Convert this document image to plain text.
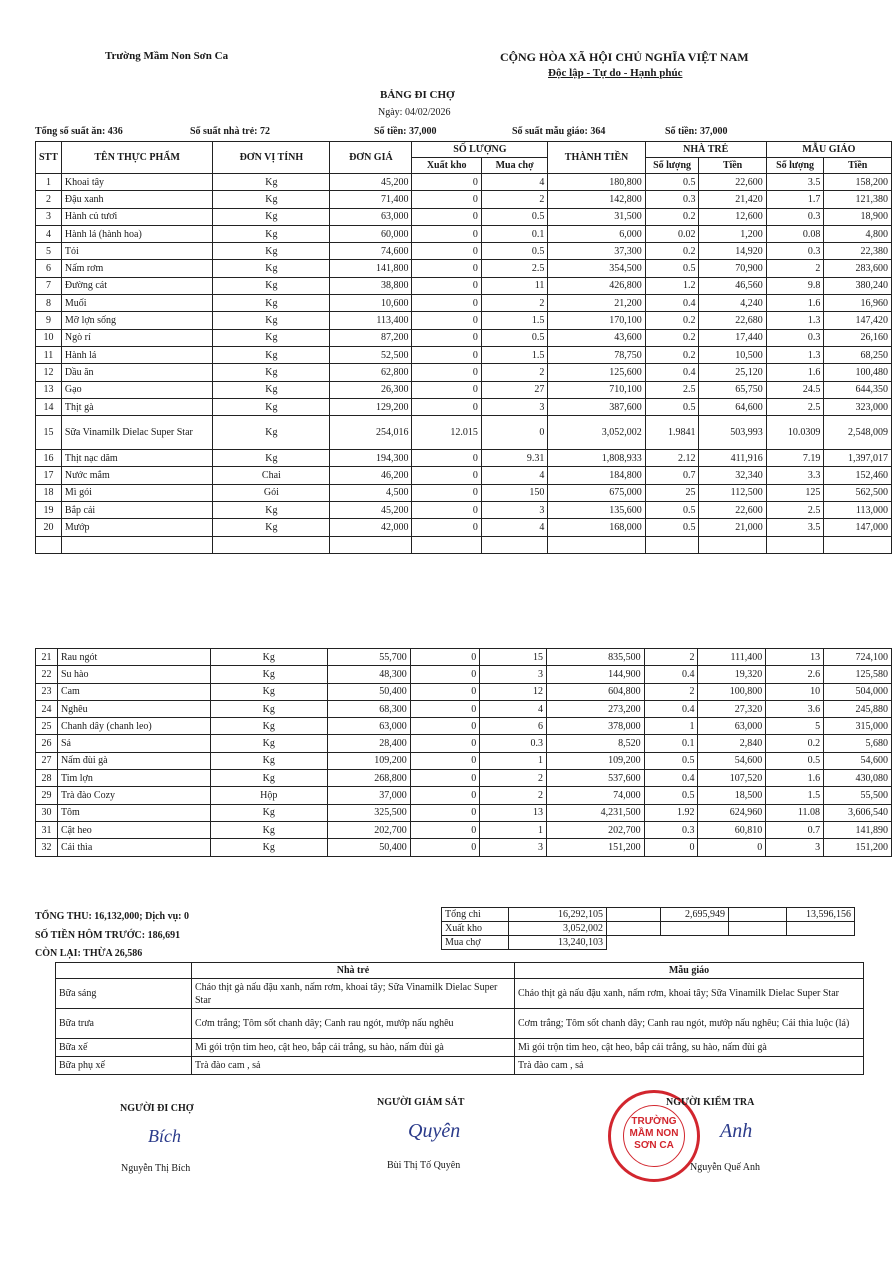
Trường Mầm Non Sơn Ca	CỘNG HÒA XÃ HỘI CHỦ NGHĨA VIỆT NAM
Độc lập - Tự do - Hạnh phúc
BẢNG ĐI CHỢ
Ngày: 04/02/2026
Tổng số suất ăn: 436	Số suất nhà trẻ: 72	Số tiền: 37,000	Số suất mẫu giáo: 364	Số tiền: 37,000
STT	TÊN THỰC PHẨM	ĐƠN VỊ TÍNH	ĐƠN GIÁ	SỐ LƯỢNG		THÀNH TIỀN	NHÀ TRẺ		MẪU GIÁO	
				Xuất kho	Mua chợ		Số lượng	Tiền	Số lượng	Tiền
1	Khoai tây	Kg	45,200	0	4	180,800	0.5	22,600	3.5	158,200
2	Đậu xanh	Kg	71,400	0	2	142,800	0.3	21,420	1.7	121,380
3	Hành củ tươi	Kg	63,000	0	0.5	31,500	0.2	12,600	0.3	18,900
4	Hành lá (hành hoa)	Kg	60,000	0	0.1	6,000	0.02	1,200	0.08	4,800
5	Tỏi	Kg	74,600	0	0.5	37,300	0.2	14,920	0.3	22,380
6	Nấm rơm	Kg	141,800	0	2.5	354,500	0.5	70,900	2	283,600
7	Đường cát	Kg	38,800	0	11	426,800	1.2	46,560	9.8	380,240
8	Muối	Kg	10,600	0	2	21,200	0.4	4,240	1.6	16,960
9	Mỡ lợn sống	Kg	113,400	0	1.5	170,100	0.2	22,680	1.3	147,420
10	Ngò rí	Kg	87,200	0	0.5	43,600	0.2	17,440	0.3	26,160
11	Hành lá	Kg	52,500	0	1.5	78,750	0.2	10,500	1.3	68,250
12	Dầu ăn	Kg	62,800	0	2	125,600	0.4	25,120	1.6	100,480
13	Gạo	Kg	26,300	0	27	710,100	2.5	65,750	24.5	644,350
14	Thịt gà	Kg	129,200	0	3	387,600	0.5	64,600	2.5	323,000
15	Sữa Vinamilk Dielac Super Star	Kg	254,016	12.015	0	3,052,002	1.9841	503,993	10.0309	2,548,009
16	Thịt nạc dăm	Kg	194,300	0	9.31	1,808,933	2.12	411,916	7.19	1,397,017
17	Nước mắm	Chai	46,200	0	4	184,800	0.7	32,340	3.3	152,460
18	Mì gói	Gói	4,500	0	150	675,000	25	112,500	125	562,500
19	Bắp cải	Kg	45,200	0	3	135,600	0.5	22,600	2.5	113,000
20	Mướp	Kg	42,000	0	4	168,000	0.5	21,000	3.5	147,000

21	Rau ngót	Kg	55,700	0	15	835,500	2	111,400	13	724,100
22	Su hào	Kg	48,300	0	3	144,900	0.4	19,320	2.6	125,580
23	Cam	Kg	50,400	0	12	604,800	2	100,800	10	504,000
24	Nghêu	Kg	68,300	0	4	273,200	0.4	27,320	3.6	245,880
25	Chanh dây (chanh leo)	Kg	63,000	0	6	378,000	1	63,000	5	315,000
26	Sả	Kg	28,400	0	0.3	8,520	0.1	2,840	0.2	5,680
27	Nấm đùi gà	Kg	109,200	0	1	109,200	0.5	54,600	0.5	54,600
28	Tim lợn	Kg	268,800	0	2	537,600	0.4	107,520	1.6	430,080
29	Trà đào Cozy	Hộp	37,000	0	2	74,000	0.5	18,500	1.5	55,500
30	Tôm	Kg	325,500	0	13	4,231,500	1.92	624,960	11.08	3,606,540
31	Cật heo	Kg	202,700	0	1	202,700	0.3	60,810	0.7	141,890
32	Cải thìa	Kg	50,400	0	3	151,200	0	0	3	151,200
TỔNG THU: 16,132,000; Dịch vụ: 0
SỐ TIỀN HÔM TRƯỚC: 186,691
CÒN LẠI: THỪA 26,586
Tổng chi	16,292,105		2,695,949		13,596,156
Xuất kho	3,052,002				
Mua chợ	13,240,103				
	Nhà trẻ	Mẫu giáo
Bữa sáng	Cháo thịt gà nấu đậu xanh, nấm rơm, khoai tây; Sữa Vinamilk Dielac Super Star	Cháo thịt gà nấu đậu xanh, nấm rơm, khoai tây; Sữa Vinamilk Dielac Super Star
Bữa trưa	Cơm trắng; Tôm sốt chanh dây; Canh rau ngót, mướp nấu nghêu	Cơm trắng; Tôm sốt chanh dây; Canh rau ngót, mướp nấu nghêu; Cải thìa luộc (lá)
Bữa xế	Mì gói trộn tim heo, cật heo, bắp cải trắng, su hào, nấm đùi gà	Mì gói trộn tim heo, cật heo, bắp cải trắng, su hào, nấm đùi gà
Bữa phụ xế	Trà đào cam , sả	Trà đào cam , sả
NGƯỜI ĐI CHỢ
Bích
Nguyễn Thị Bích
NGƯỜI GIÁM SÁT
Quyên
Bùi Thị Tố Quyên
TRƯỜNG MẦM NON SƠN CA
NGƯỜI KIỂM TRA
Anh
Nguyễn Quế Anh
